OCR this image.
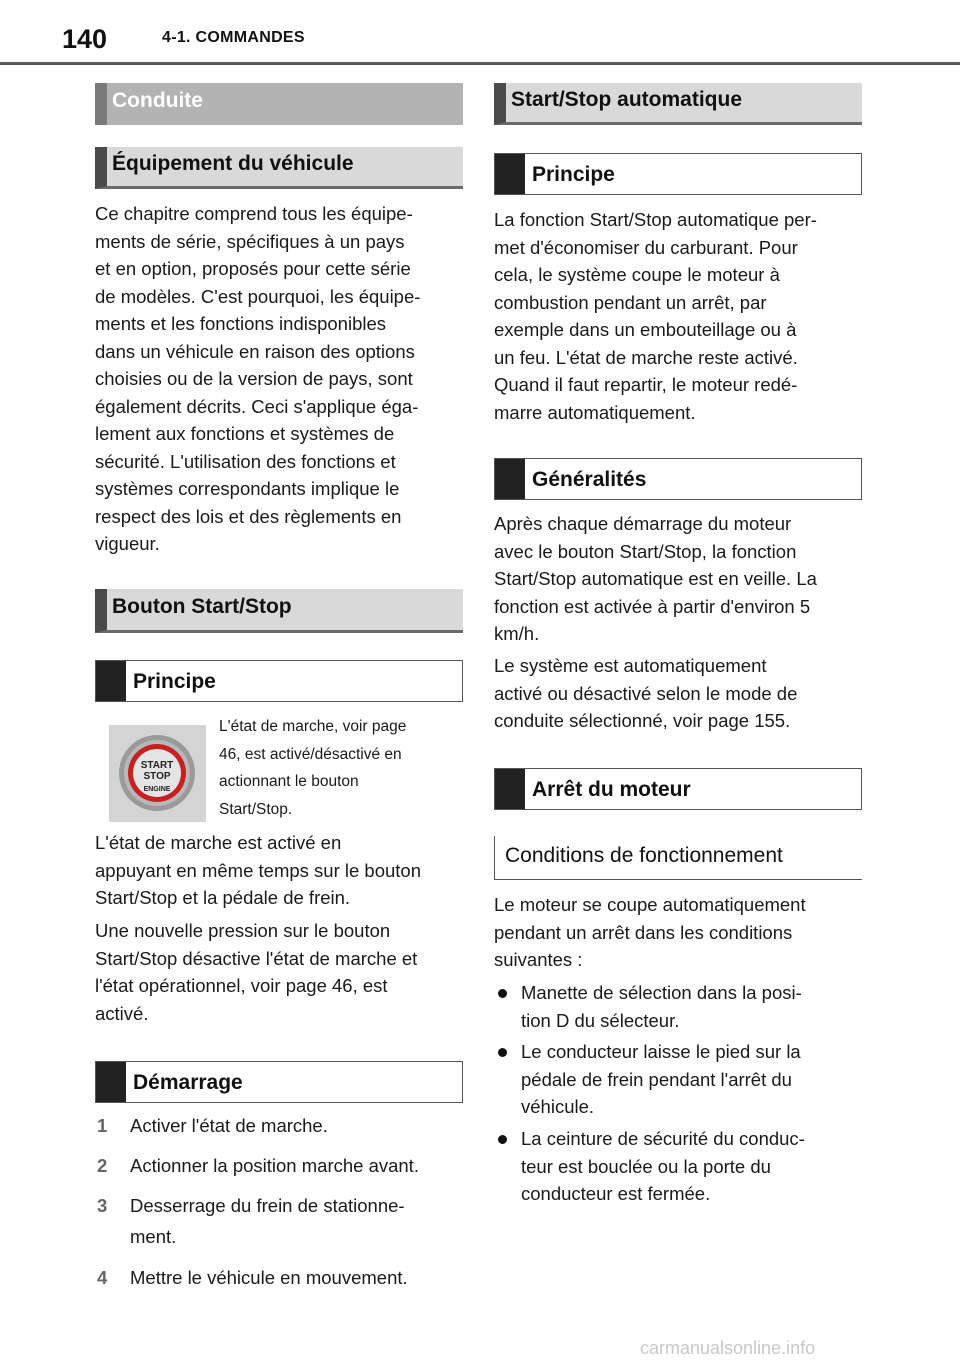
140	4-1. COMMANDES
Conduite
Équipement du véhicule
Ce chapitre comprend tous les équipe-
ments de série, spécifiques à un pays
et en option, proposés pour cette série
de modèles. C'est pourquoi, les équipe-
ments et les fonctions indisponibles
dans un véhicule en raison des options
choisies ou de la version de pays, sont
également décrits. Ceci s'applique éga-
lement aux fonctions et systèmes de
sécurité. L'utilisation des fonctions et
systèmes correspondants implique le
respect des lois et des règlements en
vigueur.
Bouton Start/Stop
Principe
START
STOP
ENGINE
L'état de marche, voir page
46, est activé/désactivé en
actionnant le bouton
Start/Stop.
L'état de marche est activé en
appuyant en même temps sur le bouton
Start/Stop et la pédale de frein.
Une nouvelle pression sur le bouton
Start/Stop désactive l'état de marche et
l'état opérationnel, voir page 46, est
activé.
Démarrage
1 Activer l'état de marche.
2 Actionner la position marche avant.
3 Desserrage du frein de stationne-
ment.
4 Mettre le véhicule en mouvement.
Start/Stop automatique
Principe
La fonction Start/Stop automatique per-
met d'économiser du carburant. Pour
cela, le système coupe le moteur à
combustion pendant un arrêt, par
exemple dans un embouteillage ou à
un feu. L'état de marche reste activé.
Quand il faut repartir, le moteur redé-
marre automatiquement.
Généralités
Après chaque démarrage du moteur
avec le bouton Start/Stop, la fonction
Start/Stop automatique est en veille. La
fonction est activée à partir d'environ 5
km/h.
Le système est automatiquement
activé ou désactivé selon le mode de
conduite sélectionné, voir page 155.
Arrêt du moteur
Conditions de fonctionnement
Le moteur se coupe automatiquement
pendant un arrêt dans les conditions
suivantes :
Manette de sélection dans la posi-
tion D du sélecteur.
Le conducteur laisse le pied sur la
pédale de frein pendant l'arrêt du
véhicule.
La ceinture de sécurité du conduc-
teur est bouclée ou la porte du
conducteur est fermée.
carmanualsonline.info
